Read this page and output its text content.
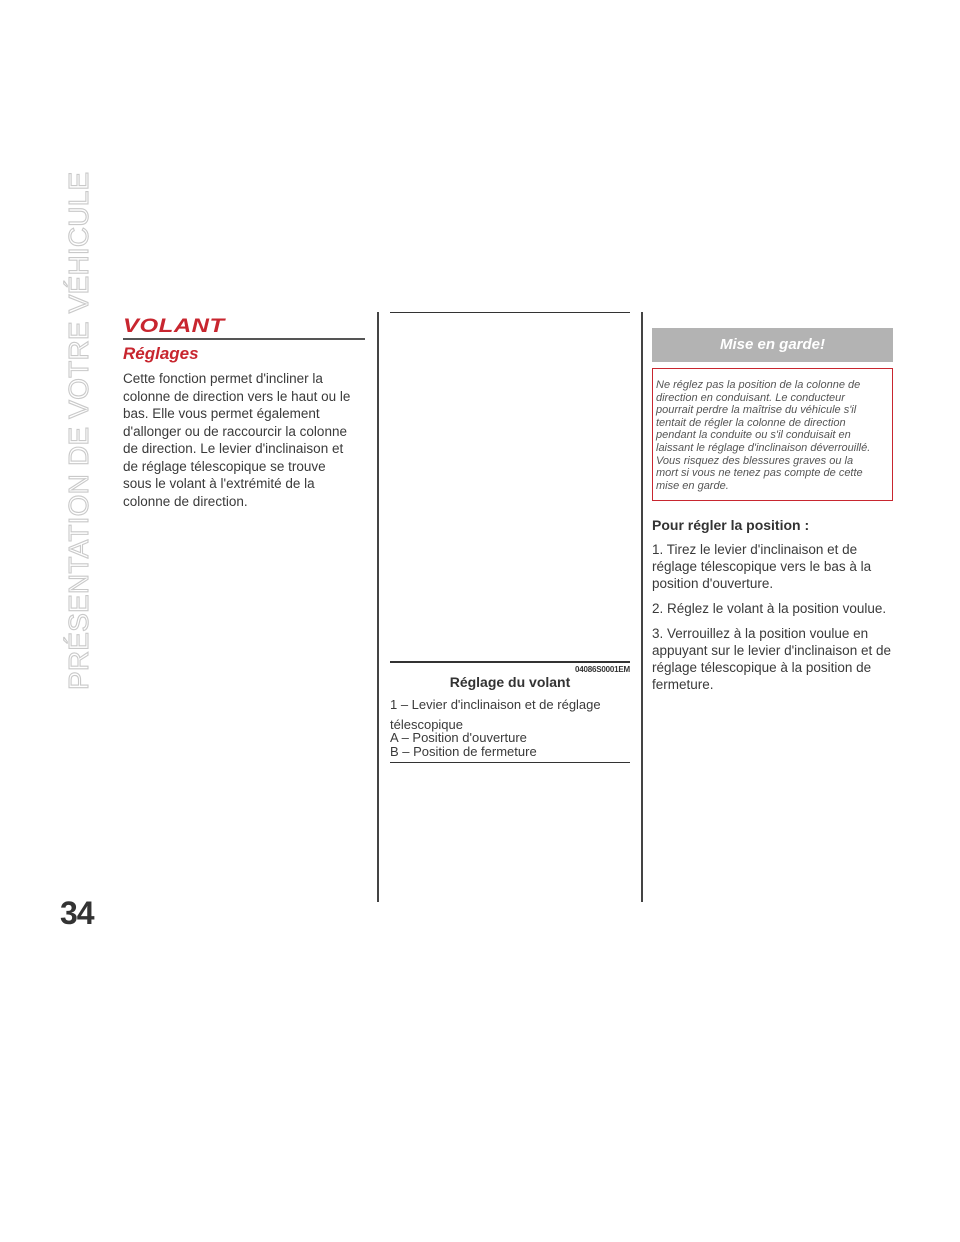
PRÉSENTATION DE VOTRE VÉHICULE
34
VOLANT
Réglages

Cette fonction permet d'incliner la
colonne de direction vers le haut ou le
bas. Elle vous permet également
d'allonger ou de raccourcir la colonne
de direction. Le levier d'inclinaison et
de réglage télescopique se trouve
sous le volant à l'extrémité de la
colonne de direction.

04086S0001EM
Réglage du volant
1 – Levier d'inclinaison et de réglage
télescopique
A – Position d'ouverture
B – Position de fermeture
Mise en garde!
Ne réglez pas la position de la colonne de
direction en conduisant. Le conducteur
pourrait perdre la maîtrise du véhicule s'il
tentait de régler la colonne de direction
pendant la conduite ou s'il conduisait en
laissant le réglage d'inclinaison déverrouillé.
Vous risquez des blessures graves ou la
mort si vous ne tenez pas compte de cette
mise en garde.
Pour régler la position :
1. Tirez le levier d'inclinaison et de
réglage télescopique vers le bas à la
position d'ouverture.
2. Réglez le volant à la position voulue.
3. Verrouillez à la position voulue en
appuyant sur le levier d'inclinaison et de
réglage télescopique à la position de
fermeture.
